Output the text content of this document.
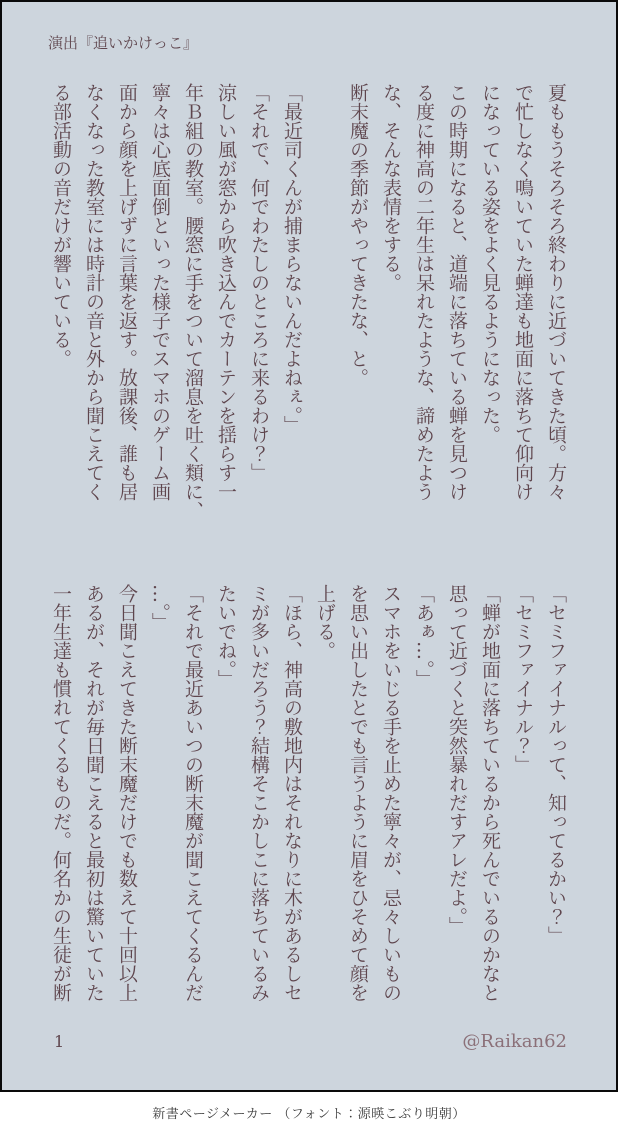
演出『追いかけっこ』

夏ももうそろそろ終わりに近づいてきた頃。方々

で忙しなく鳴いていた蝉達も地面に落ちて仰向け

になっている姿をよく見るようになった。

この時期になると、道端に落ちている蝉を見つけ

る度に神高の二年生は呆れたような、諦めたよう

な、そんな表情をする。

断末魔の季節がやってきたな、と。

「最近司くんが捕まらないんだよねぇ。」

「それで、何でわたしのところに来るわけ？」

涼しい風が窓から吹き込んでカーテンを揺らす一

年Ｂ組の教室。腰窓に手をついて溜息を吐く類に、

寧々は心底面倒といった様子でスマホのゲーム画

面から顔を上げずに言葉を返す。放課後、誰も居

なくなった教室には時計の音と外から聞こえてく

る部活動の音だけが響いている。

「セミファイナルって、知ってるかい？」

「セミファイナル？」

「蝉が地面に落ちているから死んでいるのかなと

思って近づくと突然暴れだすアレだよ。」

「あぁ…。」

スマホをいじる手を止めた寧々が、忌々しいもの

を思い出したとでも言うように眉をひそめて顔を

上げる。

「ほら、神高の敷地内はそれなりに木があるしセ

ミが多いだろう？結構そこかしこに落ちているみ

たいでね。」

「それで最近あいつの断末魔が聞こえてくるんだ

…。」

今日聞こえてきた断末魔だけでも数えて十回以上

あるが、それが毎日聞こえると最初は驚いていた

一年生達も慣れてくるものだ。何名かの生徒が断

1	@Raikan62
新書ページメーカー （フォント：源暎こぶり明朝）
